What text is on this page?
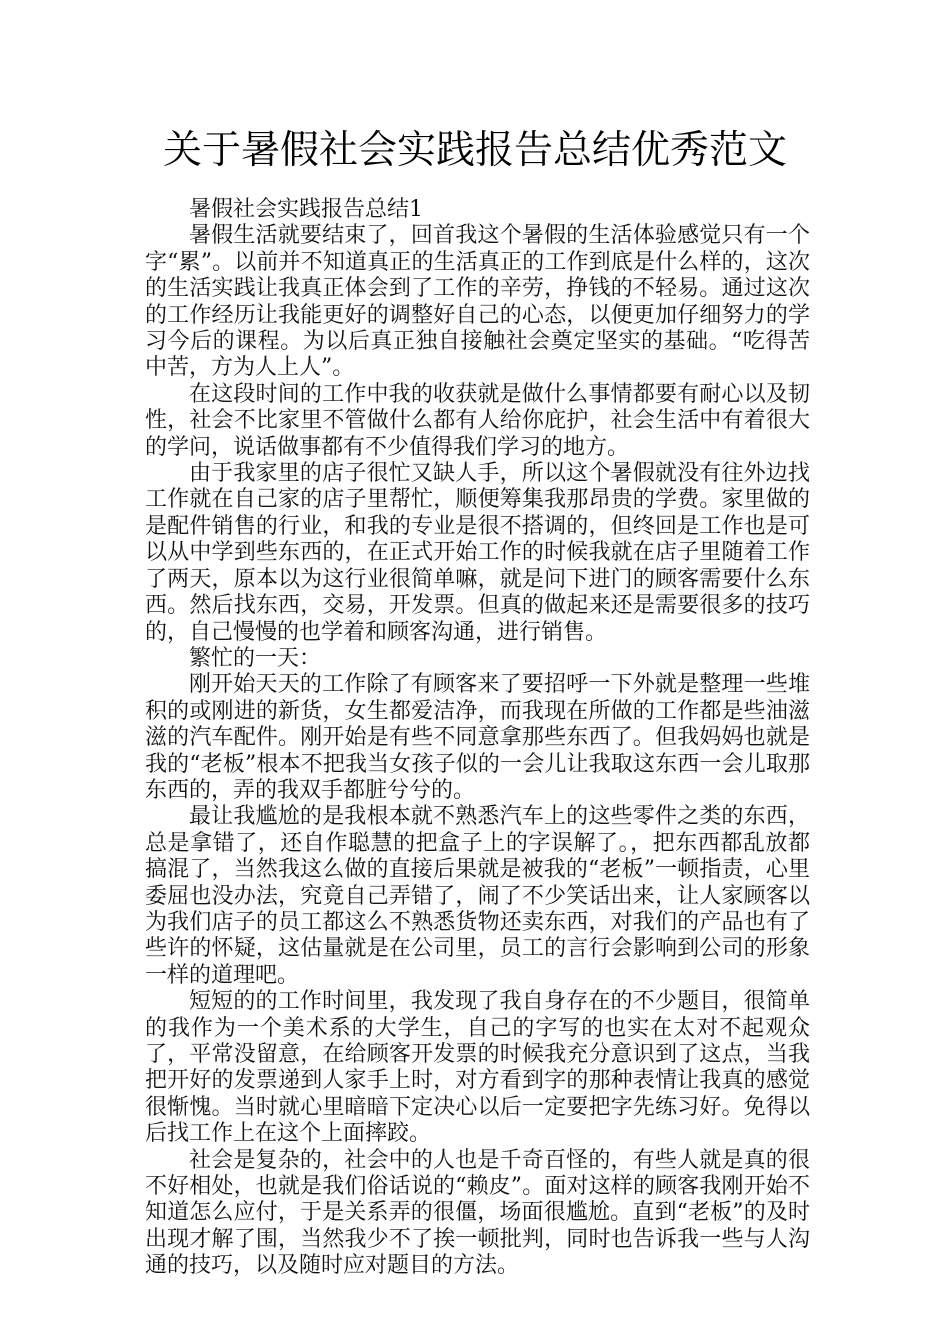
关于暑假社会实践报告总结优秀范文

暑假社会实践报告总结1

暑假生活就要结束了，回首我这个暑假的生活体验感觉只有一个字“累”。以前并不知道真正的生活真正的工作到底是什么样的，这次的生活实践让我真正体会到了工作的辛劳，挣钱的不轻易。通过这次的工作经历让我能更好的调整好自己的心态，以便更加仔细努力的学习今后的课程。为以后真正独自接触社会奠定坚实的基础。“吃得苦中苦，方为人上人”。

在这段时间的工作中我的收获就是做什么事情都要有耐心以及韧性，社会不比家里不管做什么都有人给你庇护，社会生活中有着很大的学问，说话做事都有不少值得我们学习的地方。

由于我家里的店子很忙又缺人手，所以这个暑假就没有往外边找工作就在自己家的店子里帮忙，顺便筹集我那昂贵的学费。家里做的是配件销售的行业，和我的专业是很不搭调的，但终回是工作也是可以从中学到些东西的，在正式开始工作的时候我就在店子里随着工作了两天，原本以为这行业很简单嘛，就是问下进门的顾客需要什么东西。然后找东西，交易，开发票。但真的做起来还是需要很多的技巧的，自己慢慢的也学着和顾客沟通，进行销售。

繁忙的一天：

刚开始天天的工作除了有顾客来了要招呼一下外就是整理一些堆积的或刚进的新货，女生都爱洁净，而我现在所做的工作都是些油滋滋的汽车配件。刚开始是有些不同意拿那些东西了。但我妈妈也就是我的“老板”根本不把我当女孩子似的一会儿让我取这东西一会儿取那东西的，弄的我双手都脏兮兮的。

最让我尴尬的是我根本就不熟悉汽车上的这些零件之类的东西，总是拿错了，还自作聪慧的把盒子上的字误解了。，把东西都乱放都搞混了，当然我这么做的直接后果就是被我的“老板”一顿指责，心里委屈也没办法，究竟自己弄错了，闹了不少笑话出来，让人家顾客以为我们店子的员工都这么不熟悉货物还卖东西，对我们的产品也有了些许的怀疑，这估量就是在公司里，员工的言行会影响到公司的形象一样的道理吧。

短短的的工作时间里，我发现了我自身存在的不少题目，很简单的我作为一个美术系的大学生，自己的字写的也实在太对不起观众了，平常没留意，在给顾客开发票的时候我充分意识到了这点，当我把开好的发票递到人家手上时，对方看到字的那种表情让我真的感觉很惭愧。当时就心里暗暗下定决心以后一定要把字先练习好。免得以后找工作上在这个上面摔跤。

社会是复杂的，社会中的人也是千奇百怪的，有些人就是真的很不好相处，也就是我们俗话说的“赖皮”。面对这样的顾客我刚开始不知道怎么应付，于是关系弄的很僵，场面很尴尬。直到“老板”的及时出现才解了围，当然我少不了挨一顿批判，同时也告诉我一些与人沟通的技巧，以及随时应对题目的方法。
